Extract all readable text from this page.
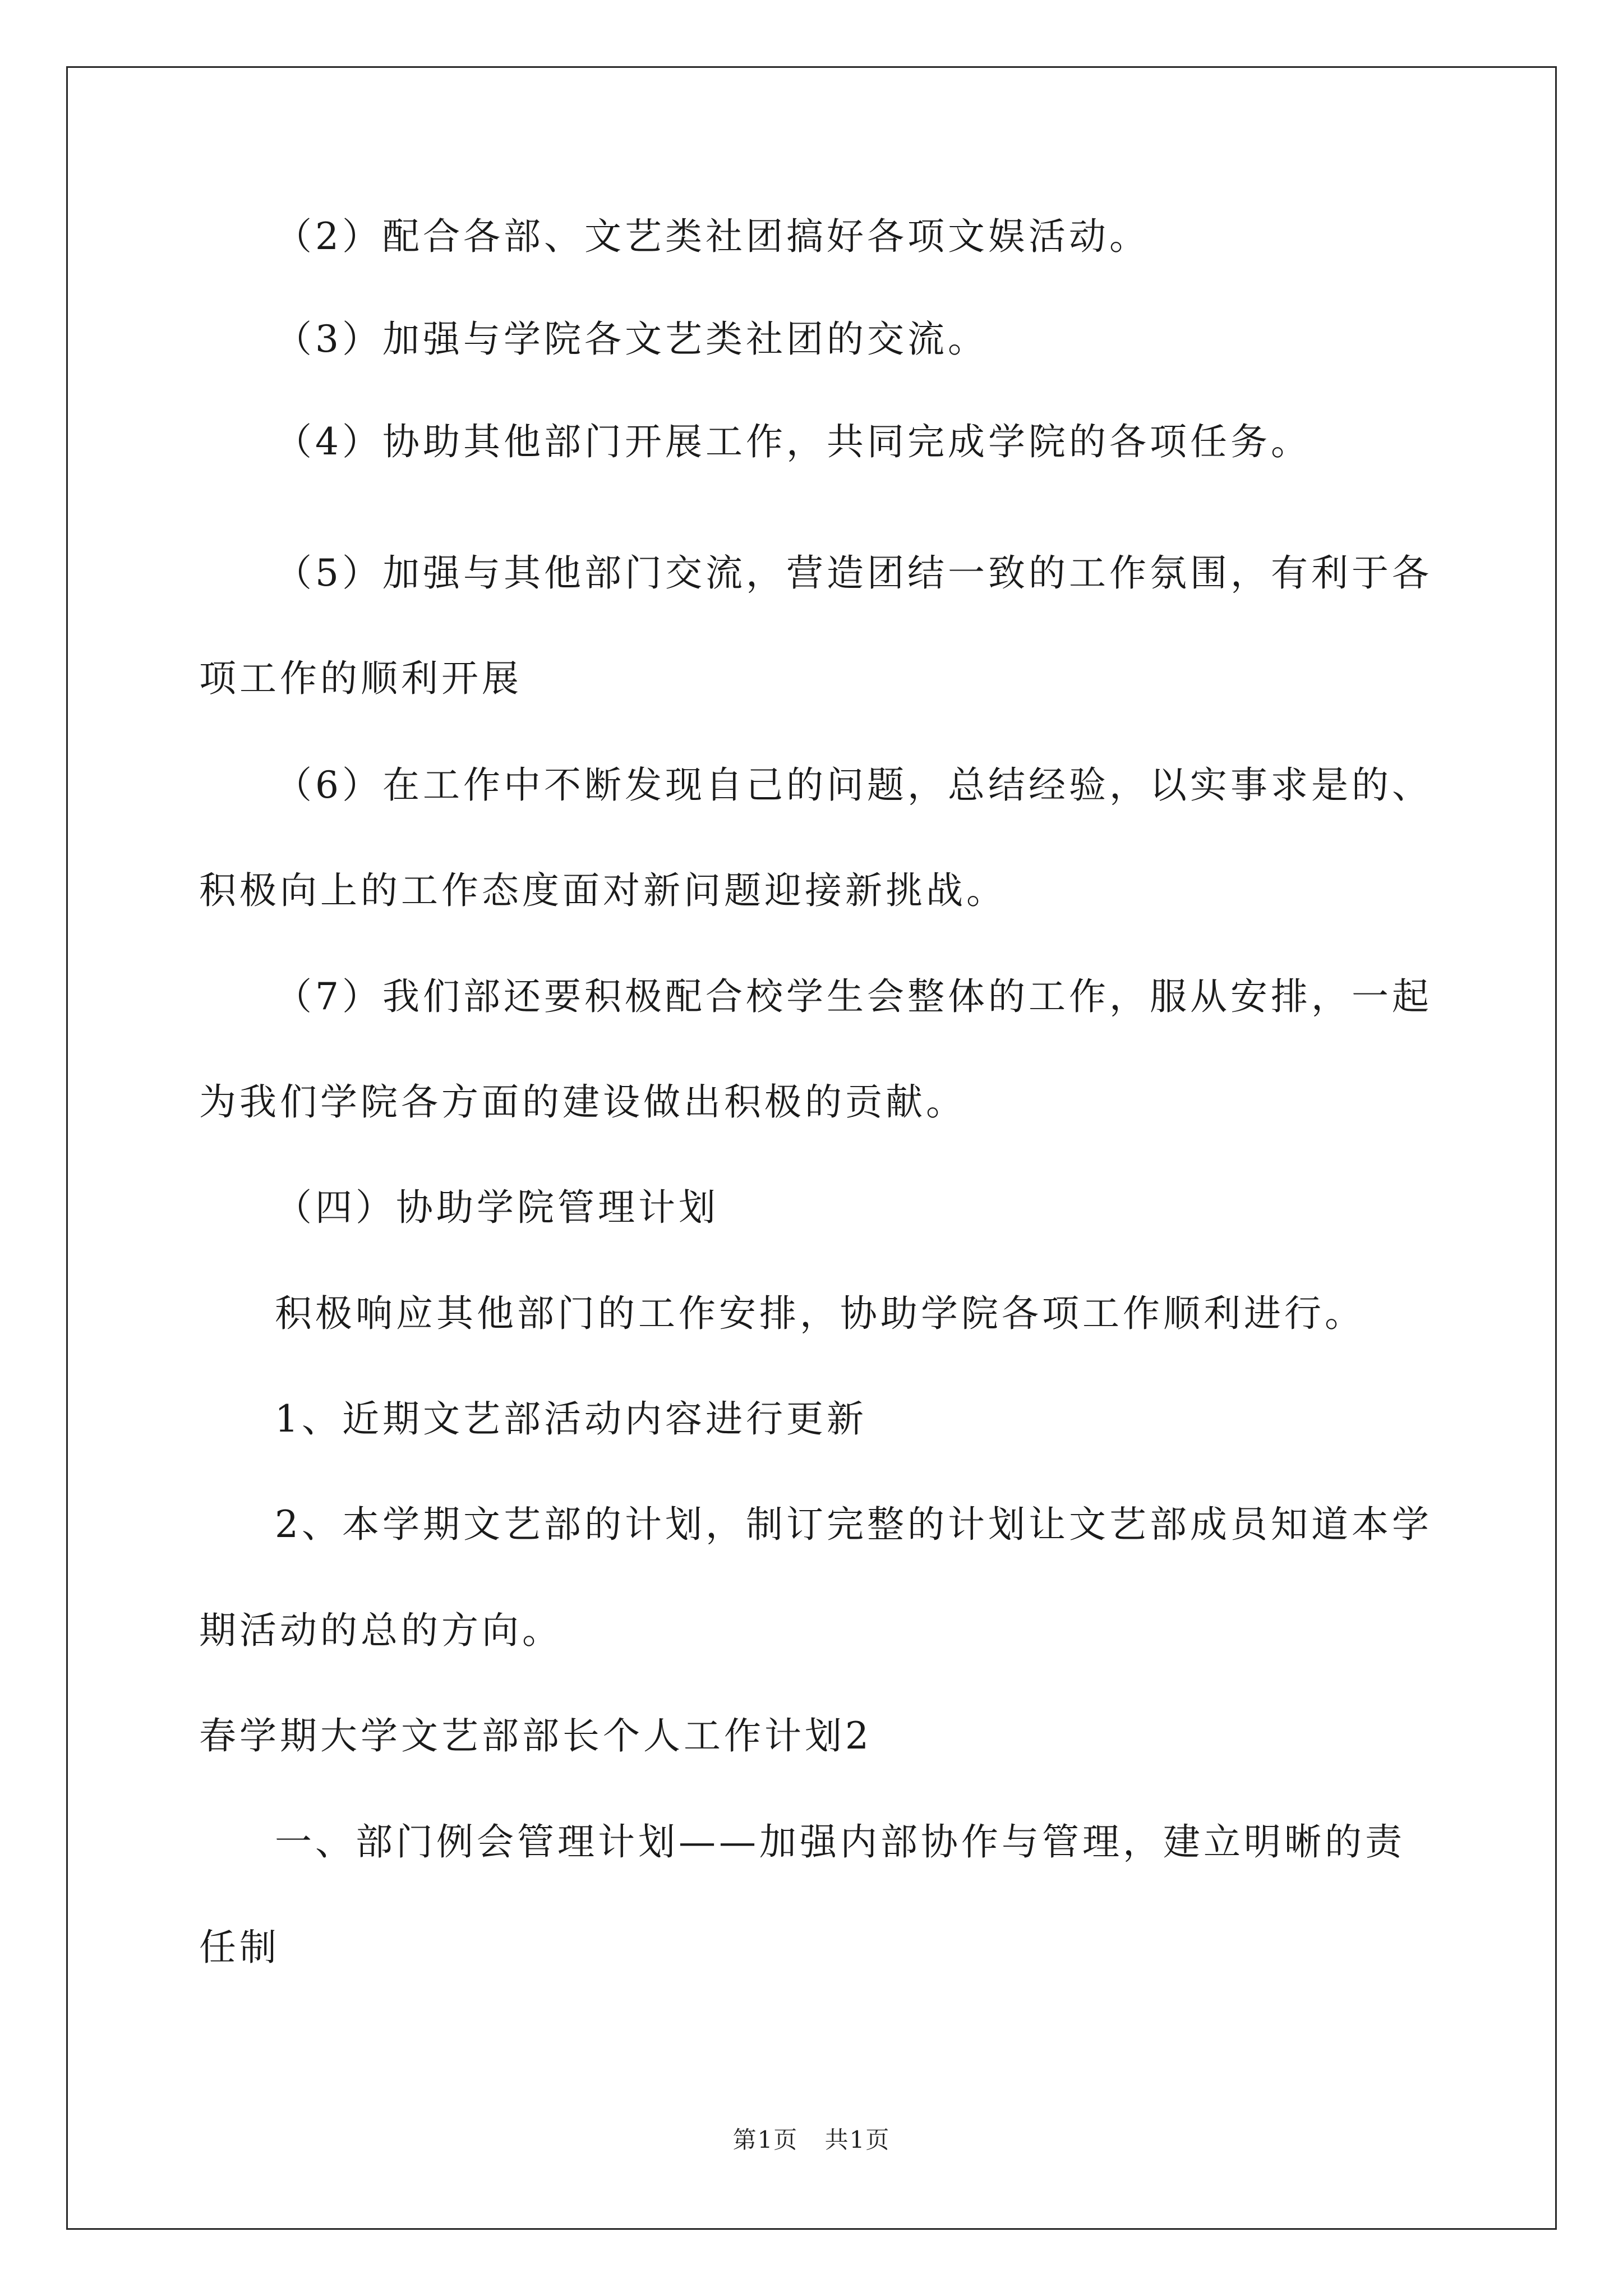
（2）配合各部、文艺类社团搞好各项文娱活动。
（3）加强与学院各文艺类社团的交流。
（4）协助其他部门开展工作，共同完成学院的各项任务。
（5）加强与其他部门交流，营造团结一致的工作氛围，有利于各
项工作的顺利开展
（6）在工作中不断发现自己的问题，总结经验，以实事求是的、
积极向上的工作态度面对新问题迎接新挑战。
（7）我们部还要积极配合校学生会整体的工作，服从安排，一起
为我们学院各方面的建设做出积极的贡献。
（四）协助学院管理计划
积极响应其他部门的工作安排，协助学院各项工作顺利进行。
1、近期文艺部活动内容进行更新
2、本学期文艺部的计划，制订完整的计划让文艺部成员知道本学
期活动的总的方向。
春学期大学文艺部部长个人工作计划2
一、部门例会管理计划——加强内部协作与管理，建立明晰的责
任制
第1页 共1页
